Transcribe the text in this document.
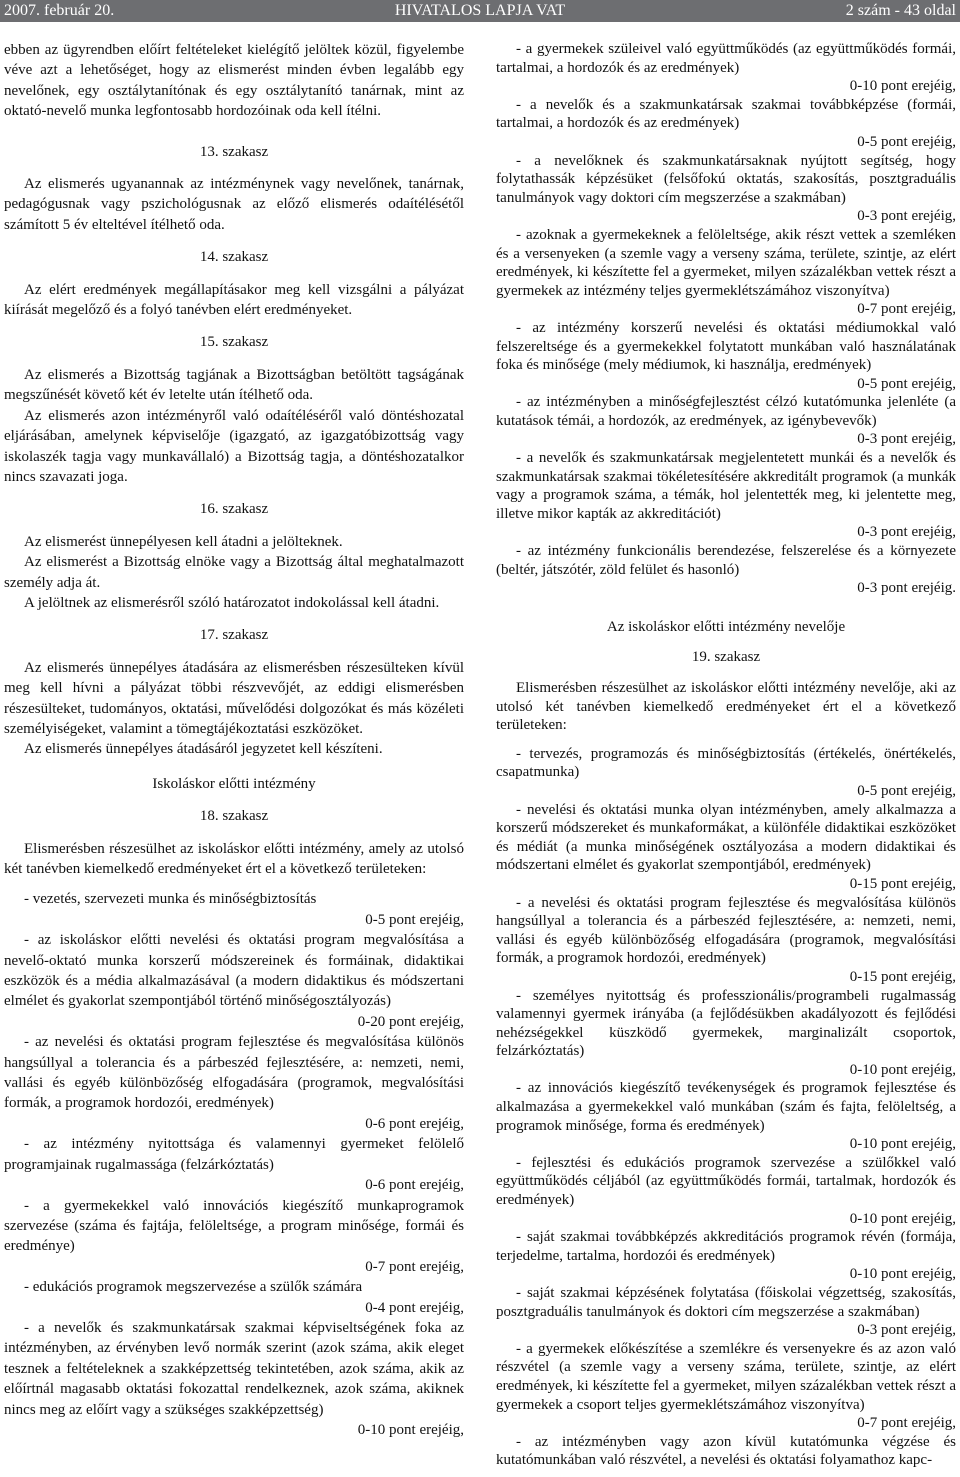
2007. február 20.	HIVATALOS LAPJA VAT	2 szám - 43 oldal

ebben az ügyrendben előírt feltételeket kielégítő jelöltek közül, figyelembe véve azt a lehetőséget, hogy az elismerést minden évben legalább egy nevelőnek, egy osztálytanítónak és egy osztálytanító tanárnak, mint az oktató-nevelő munka legfontosabb hordozóinak oda kell ítélni.

13. szakasz

Az elismerés ugyanannak az intézménynek vagy nevelőnek, tanárnak, pedagógusnak vagy pszichológusnak az előző elismerés odaítélésétől számított 5 év elteltével ítélhető oda.

14. szakasz

Az elért eredmények megállapításakor meg kell vizsgálni a pályázat kiírását megelőző és a folyó tanévben elért eredményeket.

15. szakasz

Az elismerés a Bizottság tagjának a Bizottságban betöltött tagságának megszűnését követő két év letelte után ítélhető oda.

Az elismerés azon intézményről való odaítéléséről való döntéshozatal eljárásában, amelynek képviselője (igazgató, az igazgatóbizottság vagy iskolaszék tagja vagy munkavállaló) a Bizottság tagja, a döntéshozatalkor nincs szavazati joga.

16. szakasz

Az elismerést ünnepélyesen kell átadni a jelölteknek.

Az elismerést a Bizottság elnöke vagy a Bizottság által meghatalmazott személy adja át.

A jelöltnek az elismerésről szóló határozatot indokolással kell átadni.

17. szakasz

Az elismerés ünnepélyes átadására az elismerésben részesülteken kívül meg kell hívni a pályázat többi részvevőjét, az eddigi elismerésben részesülteket, tudományos, oktatási, művelődési dolgozókat és más közéleti személyiségeket, valamint a tömegtájékoztatási eszközöket.

Az elismerés ünnepélyes átadásáról jegyzetet kell készíteni.

Iskoláskor előtti intézmény

18. szakasz

Elismerésben részesülhet az iskoláskor előtti intézmény, amely az utolsó két tanévben kiemelkedő eredményeket ért el a következő területeken:

- vezetés, szervezeti munka és minőségbiztosítás
0-5 pont erejéig,

- az iskoláskor előtti nevelési és oktatási program megvalósítása a nevelő-oktató munka korszerű módszereinek és formáinak, didaktikai eszközök és a média alkalmazásával (a modern didaktikus és módszertani elmélet és gyakorlat szempontjából történő minőségosztályozás)
0-20 pont erejéig,

- az nevelési és oktatási program fejlesztése és megvalósítása különös hangsúllyal a tolerancia és a párbeszéd fejlesztésére, a: nemzeti, nemi, vallási és egyéb különbözőség elfogadására (programok, megvalósítási formák, a programok hordozói, eredmények)
0-6 pont erejéig,

- az intézmény nyitottsága és valamennyi gyermeket felölelő programjainak rugalmassága (felzárkóztatás)
0-6 pont erejéig,

- a gyermekekkel való innovációs kiegészítő munkaprogramok szervezése (száma és fajtája, felöleltsége, a program minősége, formái és eredménye)
0-7 pont erejéig,

- edukációs programok megszervezése a szülők számára
0-4 pont erejéig,

- a nevelők és szakmunkatársak szakmai képviseltségének foka az intézményben, az érvényben levő normák szerint (azok száma, akik eleget tesznek a feltételeknek a szakképzettség tekintetében, azok száma, akik az előírtnál magasabb oktatási fokozattal rendelkeznek, azok száma, akiknek nincs meg az előírt vagy a szükséges szakképzettség)
0-10 pont erejéig,

- a gyermekek szüleivel való együttműködés (az együttműködés formái, tartalmai, a hordozók és az eredmények)
0-10 pont erejéig,

- a nevelők és a szakmunkatársak szakmai továbbképzése (formái, tartalmai, a hordozók és az eredmények)
0-5 pont erejéig,

- a nevelőknek és szakmunkatársaknak nyújtott segítség, hogy folytathassák képzésüket (felsőfokú oktatás, szakosítás, posztgraduális tanulmányok vagy doktori cím megszerzése a szakmában)
0-3 pont erejéig,

- azoknak a gyermekeknek a felöleltsége, akik részt vettek a szemléken és a versenyeken (a szemle vagy a verseny száma, területe, szintje, az elért eredmények, ki készítette fel a gyermeket, milyen százalékban vettek részt a gyermekek az intézmény teljes gyermeklétszámához viszonyítva)
0-7 pont erejéig,

- az intézmény korszerű nevelési és oktatási médiumokkal való felszereltsége és a gyermekekkel folytatott munkában való használatának foka és minősége (mely médiumok, ki használja, eredmények)
0-5 pont erejéig,

- az intézményben a minőségfejlesztést célzó kutatómunka jelenléte (a kutatások témái, a hordozók, az eredmények, az igénybevevők)
0-3 pont erejéig,

- a nevelők és szakmunkatársak megjelentetett munkái és a nevelők és szakmunkatársak szakmai tökéletesítésére akkreditált programok (a munkák vagy a programok száma, a témák, hol jelentették meg, ki jelentette meg, illetve mikor kapták az akkreditációt)
0-3 pont erejéig,

- az intézmény funkcionális berendezése, felszerelése és a környezete (beltér, játszótér, zöld felület és hasonló)
0-3 pont erejéig.

Az iskoláskor előtti intézmény nevelője

19. szakasz

Elismerésben részesülhet az iskoláskor előtti intézmény nevelője, aki az utolsó két tanévben kiemelkedő eredményeket ért el a következő területeken:

- tervezés, programozás és minőségbiztosítás (értékelés, önértékelés, csapatmunka)
0-5 pont erejéig,

- nevelési és oktatási munka olyan intézményben, amely alkalmazza a korszerű módszereket és munkaformákat, a különféle didaktikai eszközöket és médiát (a munka minőségének osztályozása a modern didaktikai és módszertani elmélet és gyakorlat szempontjából, eredmények)
0-15 pont erejéig,

- a nevelési és oktatási program fejlesztése és megvalósítása különös hangsúllyal a tolerancia és a párbeszéd fejlesztésére, a: nemzeti, nemi, vallási és egyéb különbözőség elfogadására (programok, megvalósítási formák, a programok hordozói, eredmények)
0-15 pont erejéig,

- személyes nyitottság és professzionális/programbeli rugalmasság valamennyi gyermek irányába (a fejlődésükben akadályozott és fejlődési nehézségekkel küszködő gyermekek, marginalizált csoportok, felzárkóztatás)
0-10 pont erejéig,

- az innovációs kiegészítő tevékenységek és programok fejlesztése és alkalmazása a gyermekekkel való munkában (szám és fajta, felöleltség, a programok minősége, forma és eredmények)
0-10 pont erejéig,

- fejlesztési és edukációs programok szervezése a szülőkkel való együttműködés céljából (az együttműködés formái, tartalmak, hordozók és eredmények)
0-10 pont erejéig,

- saját szakmai továbbképzés akkreditációs programok révén (formája, terjedelme, tartalma, hordozói és eredmények)
0-10 pont erejéig,

- saját szakmai képzésének folytatása (főiskolai végzettség, szakosítás, posztgraduális tanulmányok és doktori cím megszerzése a szakmában)
0-3 pont erejéig,

- a gyermekek előkészítése a szemlékre és versenyekre és az azon való részvétel (a szemle vagy a verseny száma, területe, szintje, az elért eredmények, ki készítette fel a gyermeket, milyen százalékban vettek részt a gyermekek a csoport teljes gyermeklétszámához viszonyítva)
0-7 pont erejéig,

- az intézményben vagy azon kívül kutatómunka végzése és kutatómunkában való részvétel, a nevelési és oktatási folyamathoz kapc-
